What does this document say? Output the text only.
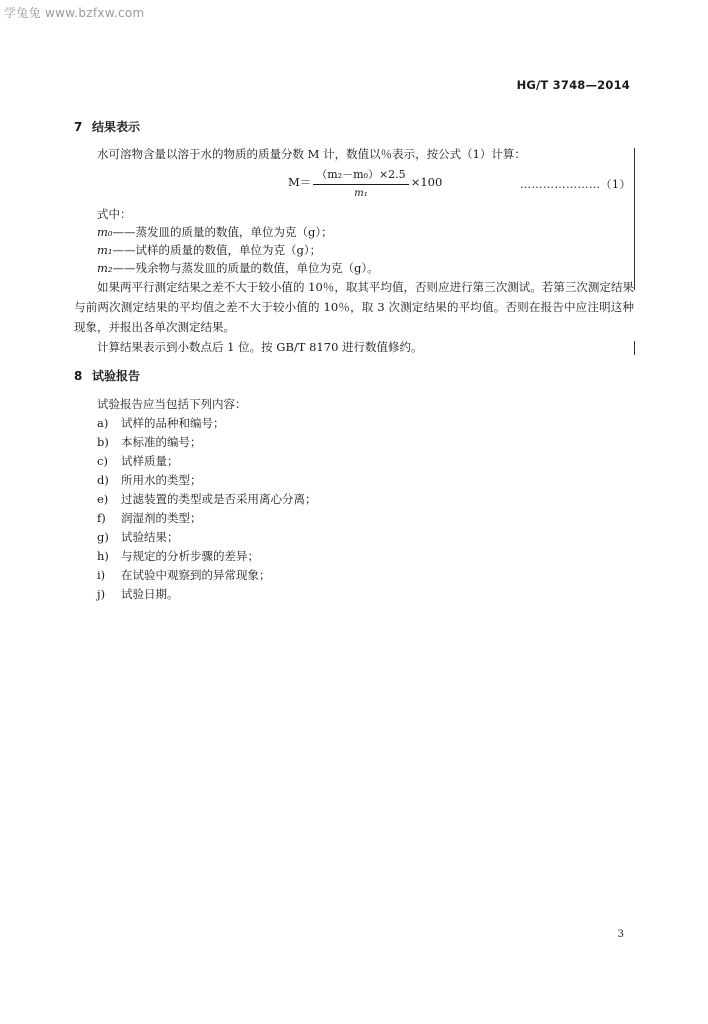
学兔兔 www.bzfxw.com
HG/T 3748—2014
7 结果表示
水可溶物含量以溶于水的物质的质量分数 M 计，数值以％表示，按公式（1）计算：
$M= \frac{\text{（m₂－m₀）×2.5}}{\text{m₁}} \times 100$	…………………（1）
式中：
m₀——蒸发皿的质量的数值，单位为克（g）；
m₁——试样的质量的数值，单位为克（g）；
m₂——残余物与蒸发皿的质量的数值，单位为克（g）。
如果两平行测定结果之差不大于较小值的 10％，取其平均值，否则应进行第三次测试。若第三次测定结果与前两次测定结果的平均值之差不大于较小值的 10％，取 3 次测定结果的平均值。否则在报告中应注明这种现象，并报出各单次测定结果。
计算结果表示到小数点后 1 位。按 GB/T 8170 进行数值修约。
8 试验报告
试验报告应当包括下列内容：
a) 试样的品种和编号；
b) 本标准的编号；
c) 试样质量；
d) 所用水的类型；
e) 过滤装置的类型或是否采用离心分离；
f) 润湿剂的类型；
g) 试验结果；
h) 与规定的分析步骤的差异；
i) 在试验中观察到的异常现象；
j) 试验日期。
3
